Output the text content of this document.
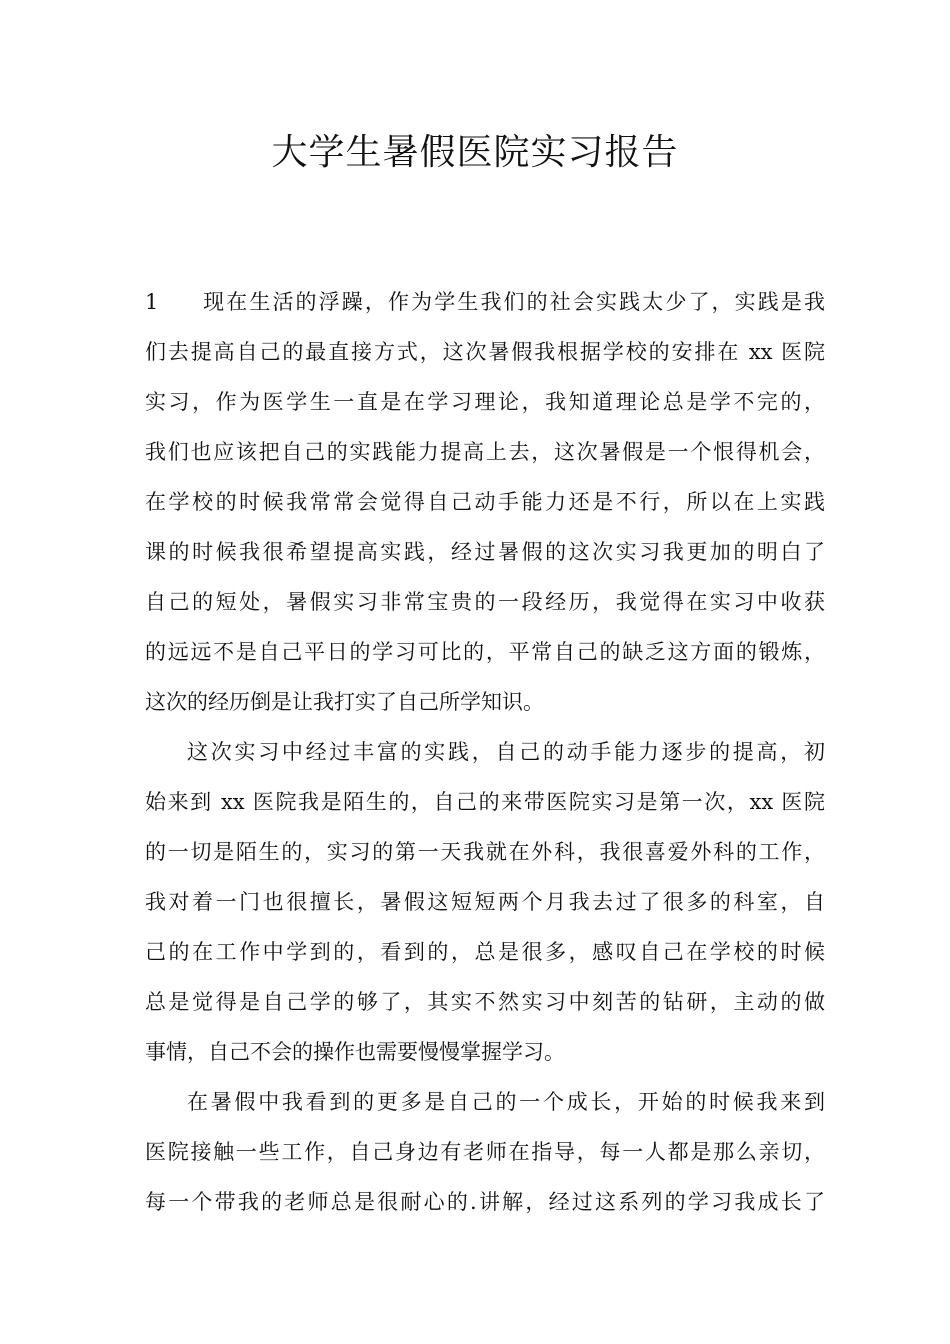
大学生暑假医院实习报告
1 现在生活的浮躁，作为学生我们的社会实践太少了，实践是我
们去提高自己的最直接方式，这次暑假我根据学校的安排在 xx 医院
实习，作为医学生一直是在学习理论，我知道理论总是学不完的，
我们也应该把自己的实践能力提高上去，这次暑假是一个恨得机会，
在学校的时候我常常会觉得自己动手能力还是不行，所以在上实践
课的时候我很希望提高实践，经过暑假的这次实习我更加的明白了
自己的短处，暑假实习非常宝贵的一段经历，我觉得在实习中收获
的远远不是自己平日的学习可比的，平常自己的缺乏这方面的锻炼，
这次的经历倒是让我打实了自己所学知识。
这次实习中经过丰富的实践，自己的动手能力逐步的提高，初
始来到 xx 医院我是陌生的，自己的来带医院实习是第一次，xx 医院
的一切是陌生的，实习的第一天我就在外科，我很喜爱外科的工作，
我对着一门也很擅长，暑假这短短两个月我去过了很多的科室，自
己的在工作中学到的，看到的，总是很多，感叹自己在学校的时候
总是觉得是自己学的够了，其实不然实习中刻苦的钻研，主动的做
事情，自己不会的操作也需要慢慢掌握学习。
在暑假中我看到的更多是自己的一个成长，开始的时候我来到
医院接触一些工作，自己身边有老师在指导，每一人都是那么亲切，
每一个带我的老师总是很耐心的.讲解，经过这系列的学习我成长了
